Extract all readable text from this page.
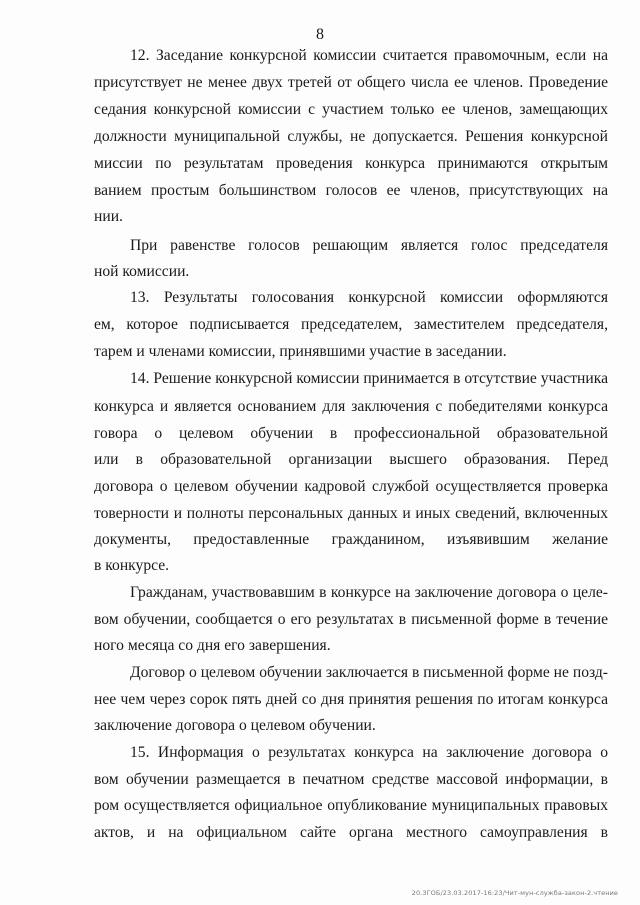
8
12. Заседание конкурсной комиссии считается правомочным, если на
присутствует не менее двух третей от общего числа ее членов. Проведение
седания конкурсной комиссии с участием только ее членов, замещающих
должности муниципальной службы, не допускается. Решения конкурсной
миссии по результатам проведения конкурса принимаются открытым
ванием простым большинством голосов ее членов, присутствующих на
нии.
При равенстве голосов решающим является голос председателя
ной комиссии.
13. Результаты голосования конкурсной комиссии оформляются
ем, которое подписывается председателем, заместителем председателя,
тарем и членами комиссии, принявшими участие в заседании.
14. Решение конкурсной комиссии принимается в отсутствие участника
конкурса и является основанием для заключения с победителями конкурса
говора о целевом обучении в профессиональной образовательной
или в образовательной организации высшего образования. Перед
договора о целевом обучении кадровой службой осуществляется проверка
товерности и полноты персональных данных и иных сведений, включенных
документы, предоставленные гражданином, изъявившим желание
в конкурсе.
Гражданам, участвовавшим в конкурсе на заключение договора о целе-
вом обучении, сообщается о его результатах в письменной форме в течение
ного месяца со дня его завершения.
Договор о целевом обучении заключается в письменной форме не позд-
нее чем через сорок пять дней со дня принятия решения по итогам конкурса
заключение договора о целевом обучении.
15. Информация о результатах конкурса на заключение договора о
вом обучении размещается в печатном средстве массовой информации, в
ром осуществляется официальное опубликование муниципальных правовых
актов, и на официальном сайте органа местного самоуправления в
20.3ГОБ/23.03.2017-16:23/Чит-мун-служба-закон-2.чтение
